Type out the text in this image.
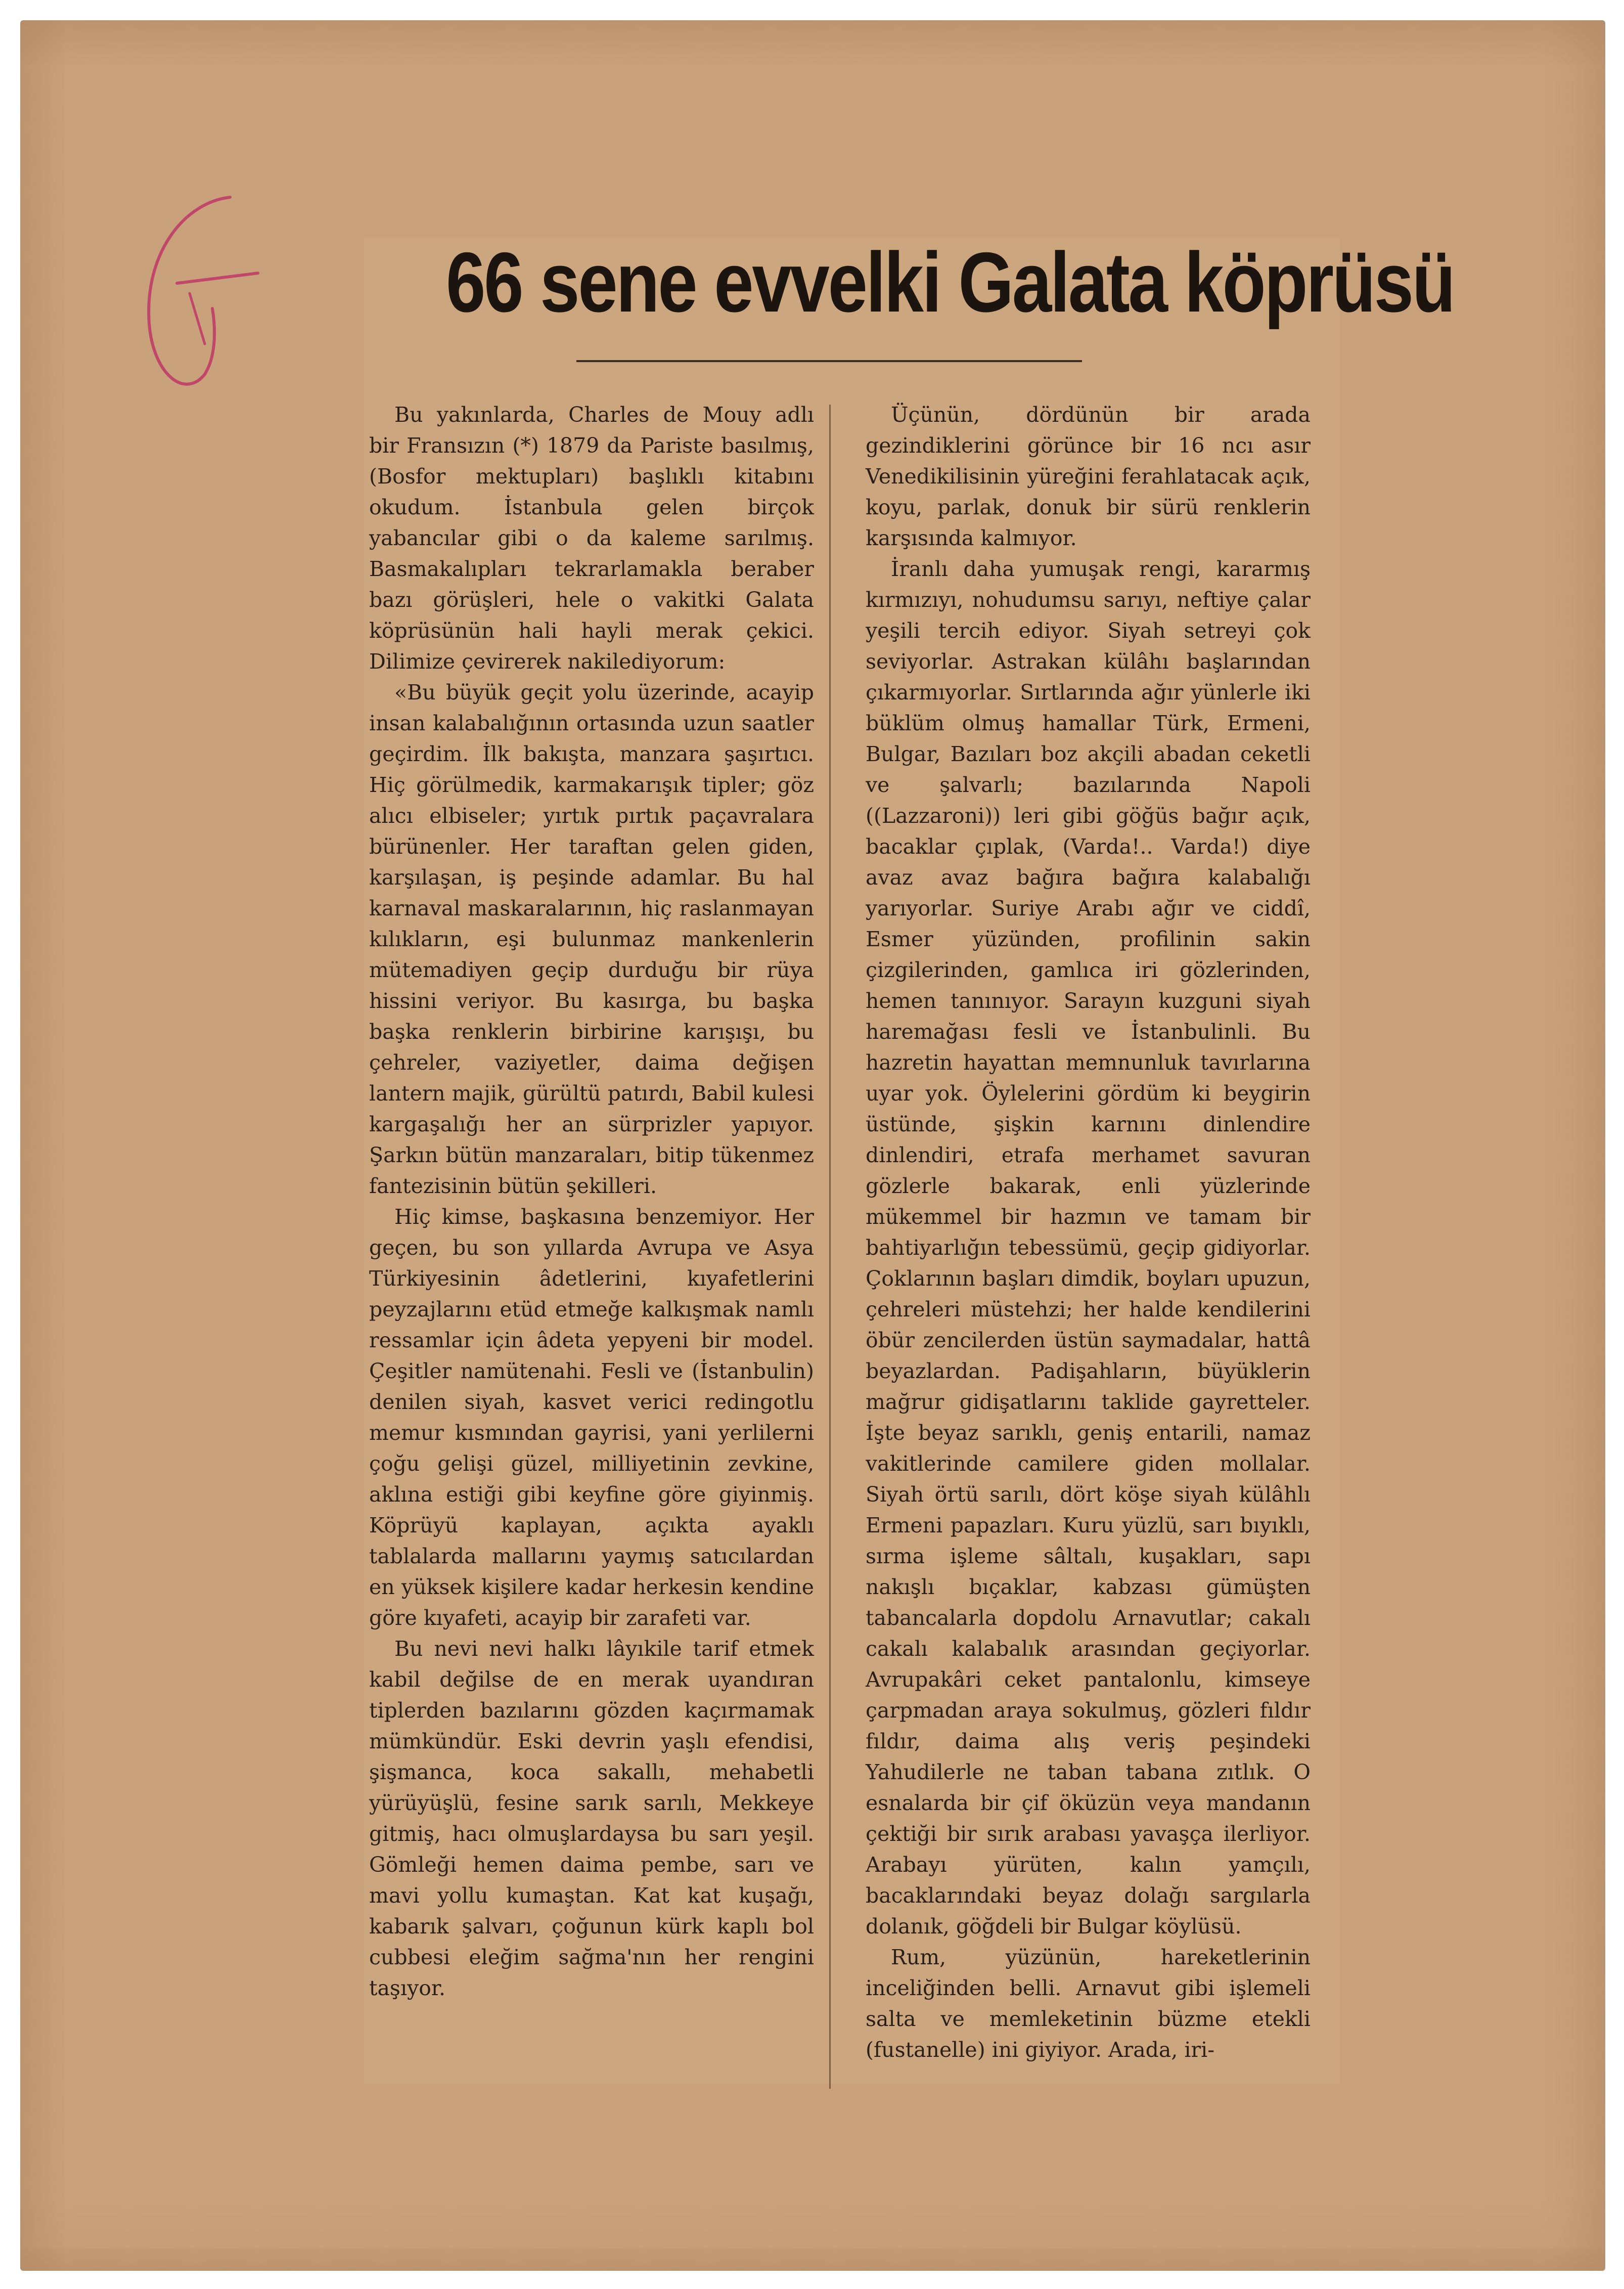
66 sene evvelki Galata köprüsü

Bu yakınlarda, Charles de Mouy adlı bir Fransızın (*) 1879 da Pariste basılmış, (Bosfor mektupları) başlıklı kitabını okudum. İstanbula gelen birçok yabancılar gibi o da kaleme sarılmış. Basmakalıpları tekrarlamakla beraber bazı görüşleri, hele o vakitki Galata köprüsünün hali hayli merak çekici. Dilimize çevirerek nakilediyorum:

«Bu büyük geçit yolu üzerinde, acayip insan kalabalığının ortasında uzun saatler geçirdim. İlk bakışta, manzara şaşırtıcı. Hiç görülmedik, karmakarışık tipler; göz alıcı elbiseler; yırtık pırtık paçavralara bürünenler. Her taraftan gelen giden, karşılaşan, iş peşinde adamlar. Bu hal karnaval maskaralarının, hiç raslanmayan kılıkların, eşi bulunmaz mankenlerin mütemadiyen geçip durduğu bir rüya hissini veriyor. Bu kasırga, bu başka başka renklerin birbirine karışışı, bu çehreler, vaziyetler, daima değişen lantern majik, gürültü patırdı, Babil kulesi kargaşalığı her an sürprizler yapıyor. Şarkın bütün manzaraları, bitip tükenmez fantezisinin bütün şekilleri.

Hiç kimse, başkasına benzemiyor. Her geçen, bu son yıllarda Avrupa ve Asya Türkiyesinin âdetlerini, kıyafetlerini peyzajlarını etüd etmeğe kalkışmak namlı ressamlar için âdeta yepyeni bir model. Çeşitler namütenahi. Fesli ve (İstanbulin) denilen siyah, kasvet verici redingotlu memur kısmından gayrisi, yani yerlilerni çoğu gelişi güzel, milliyetinin zevkine, aklına estiği gibi keyfine göre giyinmiş. Köprüyü kaplayan, açıkta ayaklı tablalarda mallarını yaymış satıcılardan en yüksek kişilere kadar herkesin kendine göre kıyafeti, acayip bir zarafeti var.

Bu nevi nevi halkı lâyıkile tarif etmek kabil değilse de en merak uyandıran tiplerden bazılarını gözden kaçırmamak mümkündür. Eski devrin yaşlı efendisi, şişmanca, koca sakallı, mehabetli yürüyüşlü, fesine sarık sarılı, Mekkeye gitmiş, hacı olmuşlardaysa bu sarı yeşil. Gömleği hemen daima pembe, sarı ve mavi yollu kumaştan. Kat kat kuşağı, kabarık şalvarı, çoğunun kürk kaplı bol cubbesi eleğim sağma'nın her rengini taşıyor.

Üçünün, dördünün bir arada gezindiklerini görünce bir 16 ncı asır Venedikilisinin yüreğini ferahlatacak açık, koyu, parlak, donuk bir sürü renklerin karşısında kalmıyor.

İranlı daha yumuşak rengi, kararmış kırmızıyı, nohudumsu sarıyı, neftiye çalar yeşili tercih ediyor. Siyah setreyi çok seviyorlar. Astrakan külâhı başlarından çıkarmıyorlar. Sırtlarında ağır yünlerle iki büklüm olmuş hamallar Türk, Ermeni, Bulgar, Bazıları boz akçili abadan ceketli ve şalvarlı; bazılarında Napoli ((Lazzaroni)) leri gibi göğüs bağır açık, bacaklar çıplak, (Varda!.. Varda!) diye avaz avaz bağıra bağıra kalabalığı yarıyorlar. Suriye Arabı ağır ve ciddî, Esmer yüzünden, profilinin sakin çizgilerinden, gamlıca iri gözlerinden, hemen tanınıyor. Sarayın kuzguni siyah haremağası fesli ve İstanbulinli. Bu hazretin hayattan memnunluk tavırlarına uyar yok. Öylelerini gördüm ki beygirin üstünde, şişkin karnını dinlendire dinlendiri, etrafa merhamet savuran gözlerle bakarak, enli yüzlerinde mükemmel bir hazmın ve tamam bir bahtiyarlığın tebessümü, geçip gidiyorlar. Çoklarının başları dimdik, boyları upuzun, çehreleri müstehzi; her halde kendilerini öbür zencilerden üstün saymadalar, hattâ beyazlardan. Padişahların, büyüklerin mağrur gidişatlarını taklide gayretteler. İşte beyaz sarıklı, geniş entarili, namaz vakitlerinde camilere giden mollalar. Siyah örtü sarılı, dört köşe siyah külâhlı Ermeni papazları. Kuru yüzlü, sarı bıyıklı, sırma işleme sâltalı, kuşakları, sapı nakışlı bıçaklar, kabzası gümüşten tabancalarla dopdolu Arnavutlar; cakalı cakalı kalabalık arasından geçiyorlar. Avrupakâri ceket pantalonlu, kimseye çarpmadan araya sokulmuş, gözleri fıldır fıldır, daima alış veriş peşindeki Yahudilerle ne taban tabana zıtlık. O esnalarda bir çif öküzün veya mandanın çektiği bir sırık arabası yavaşça ilerliyor. Arabayı yürüten, kalın yamçılı, bacaklarındaki beyaz dolağı sargılarla dolanık, göğdeli bir Bulgar köylüsü.

Rum, yüzünün, hareketlerinin inceliğinden belli. Arnavut gibi işlemeli salta ve memleketinin büzme etekli (fustanelle) ini giyiyor. Arada, iri-
